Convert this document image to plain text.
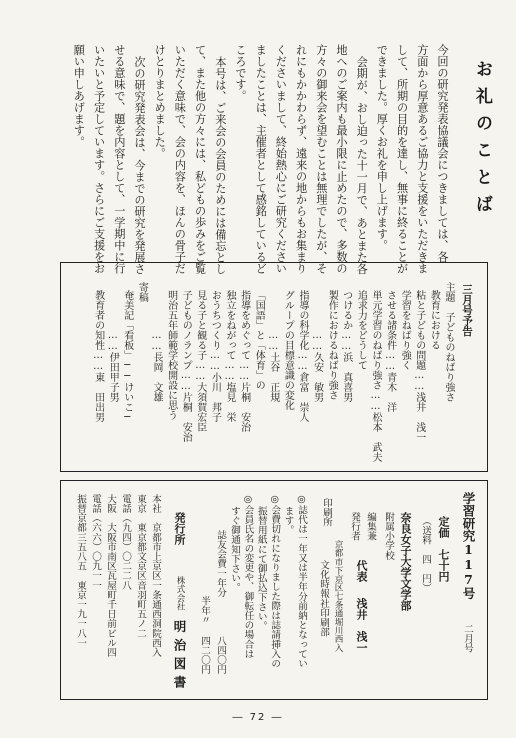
お礼のことば
今回の研究発表協議会につきましては、各
方面から厚意あるご協力と支援をいただきま
して、所期の目的を達し、無事に終ることが
できました。厚くお礼を申し上げます。
会期が、おし迫った十一月で、あとまた各
地へのご案内も最小限に止めたので、多数の
方々の御来会を望むことは無理でしたが、そ
れにもかかわらず、遠来の地からもお集まり
くださいまして、終始熱心にご研究ください
ましたことは、主催者として感銘しているど
ころです。
本号は、ご来会の会員のためには備忘とし
て、また他の方々には、私どもの歩みをご覧
いただく意味で、会の内容を、ほんの骨子だ
けとりまとめました。
次の研究発表会は、今までの研究を発展さ
せる意味で、題を内容として、一学期中に行
いたいと予定しています。さらにご支援をお
願い申しあげます。
主題　子どものねばり強さ
教育における
粘と子どもの問題……浅井　浅一
学習をねばり強く
させる諸条件……青木　洋
単元学習のねばり強さ……松本　武夫
追求力をどうして
つけるか……浜　真喜男
製作におけるねばり強さ
……久安　敏男
指導の科学化……倉富　崇人
グループの目標意識の変化
……土谷　正規
「国語」と「体育」の
指導をめぐって……片桐　安治
独立をねがって……塩見　栄
おうちつくり……小川　邦子
見る子と観る子……大須賀宏臣
子どものノランプ……片桐　安治
明治五年師範学校開設に思う
……長岡　文雄
寄稿
奄美記「看板」──けいこ─
……伊田甲子男
教育者の知性……東　田出男	三月号予告
学習研究117号
二月号
定価　七十円
（送料　四　円）
奈良女子大学文学部
附属小学校
編集兼
発行者
代表
浅井　浅一
京都市下京区七条通堀川西入
印刷所
文化時報社印刷部
◎誌代は一年又は半年分前納となってい
ます。
◎会費切れになりました際は誌請挿入の
振替用紙にて御払込下さい。
◎会員氏名の変更や、御転任の場合は
すぐ御通知下さい。
誌友会費一年分
八四〇円
半年〃
四二〇円
発行所
株式会社
明治図書
本社　京都市上京区一条通西洞院西入
東京　東京都文京区音羽町五ノ二
電話（九四）〇二二八
大阪　大阪市南区瓦屋町千日前ビル四
電話（六六）〇九一一
振替京都三五八五　東京一九一八一
― 72 ―
